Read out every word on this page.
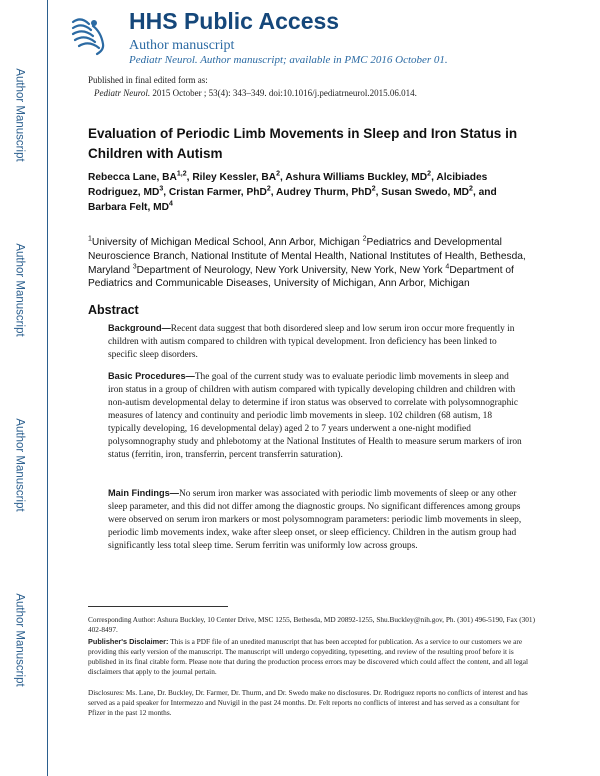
Author Manuscript
Author Manuscript
Author Manuscript
Author Manuscript
HHS Public Access
Author manuscript
Pediatr Neurol. Author manuscript; available in PMC 2016 October 01.
Published in final edited form as:
Pediatr Neurol. 2015 October ; 53(4): 343–349. doi:10.1016/j.pediatrneurol.2015.06.014.
Evaluation of Periodic Limb Movements in Sleep and Iron Status in Children with Autism
Rebecca Lane, BA$^{1,2}$, Riley Kessler, $BA^2$, Ashura Williams Buckley, $MD^2$, Alcibiades Rodriguez, $MD^3$, Cristan Farmer, PhD$^2$, Audrey Thurm, PhD$^2$, Susan Swedo, $MD^2$, and Barbara Felt, $MD^4$
$^1$University of Michigan Medical School, Ann Arbor, Michigan $^2$Pediatrics and Developmental Neuroscience Branch, National Institute of Mental Health, National Institutes of Health, Bethesda, Maryland $^3$Department of Neurology, New York University, New York, New York $^4$Department of Pediatrics and Communicable Diseases, University of Michigan, Ann Arbor, Michigan
Abstract
Background—Recent data suggest that both disordered sleep and low serum iron occur more frequently in children with autism compared to children with typical development. Iron deficiency has been linked to specific sleep disorders.
Basic Procedures—The goal of the current study was to evaluate periodic limb movements in sleep and iron status in a group of children with autism compared with typically developing children and children with non-autism developmental delay to determine if iron status was observed to correlate with polysomnographic measures of latency and continuity and periodic limb movements in sleep. 102 children (68 autism, 18 typically developing, 16 developmental delay) aged 2 to 7 years underwent a one-night modified polysomnography study and phlebotomy at the National Institutes of Health to measure serum markers of iron status (ferritin, iron, transferrin, percent transferrin saturation).
Main Findings—No serum iron marker was associated with periodic limb movements of sleep or any other sleep parameter, and this did not differ among the diagnostic groups. No significant differences among groups were observed on serum iron markers or most polysomnogram parameters: periodic limb movements in sleep, periodic limb movements index, wake after sleep onset, or sleep efficiency. Children in the autism group had significantly less total sleep time. Serum ferritin was uniformly low across groups.
Corresponding Author: Ashura Buckley, 10 Center Drive, MSC 1255, Bethesda, MD 20892-1255, Shu.Buckley@nih.gov, Ph. (301) 496-5190, Fax (301) 402-8497.
Publisher's Disclaimer: This is a PDF file of an unedited manuscript that has been accepted for publication. As a service to our customers we are providing this early version of the manuscript. The manuscript will undergo copyediting, typesetting, and review of the resulting proof before it is published in its final citable form. Please note that during the production process errors may be discovered which could affect the content, and all legal disclaimers that apply to the journal pertain.
Disclosures: Ms. Lane, Dr. Buckley, Dr. Farmer, Dr. Thurm, and Dr. Swedo make no disclosures. Dr. Rodriguez reports no conflicts of interest and has served as a paid speaker for Intermezzo and Nuvigil in the past 24 months. Dr. Felt reports no conflicts of interest and has served as a consultant for Pfizer in the past 12 months.
